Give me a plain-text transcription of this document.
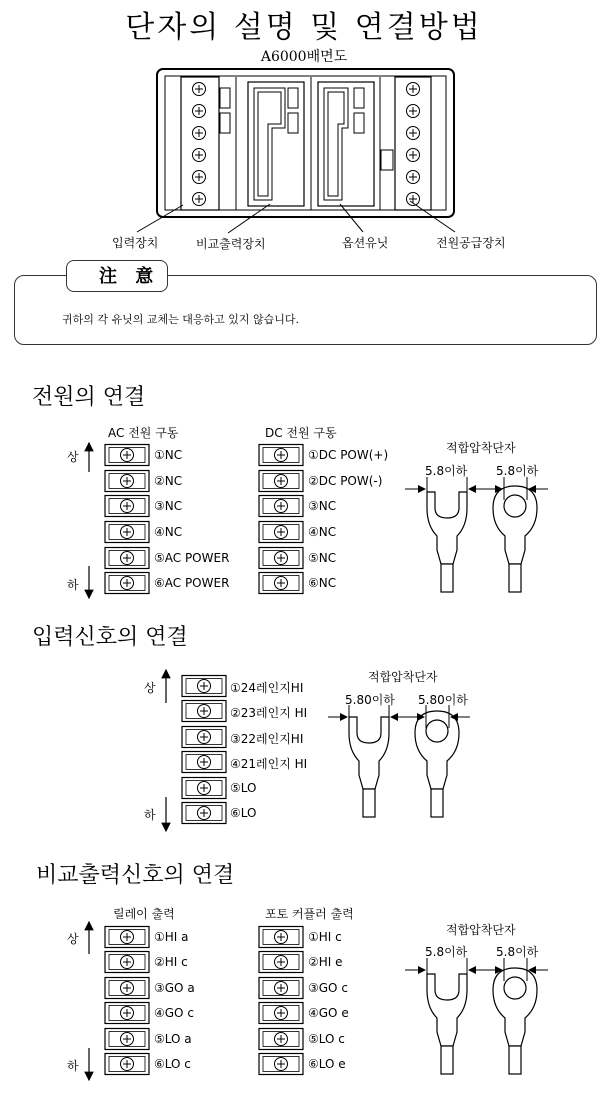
단자의 설명 및 연결방법
A6000배면도
입력장치	비교출력장치	옵션유닛	전원공급장치
注 意
귀하의 각 유닛의 교체는 대응하고 있지 않습니다.
전원의 연결
AC 전원 구동	DC 전원 구동
상
하
①NC
②NC
③NC
④NC
⑤AC POWER
⑥AC POWER
①DC POW(+)
②DC POW(-)
③NC
④NC
⑤NC
⑥NC
적합압착단자
5.8이하 5.8이하
입력신호의 연결
상
하
①24레인지HI
②23레인지 HI
③22레인지HI
④21레인지 HI
⑤LO
⑥LO
적합압착단자
5.80이하 5.80이하
비교출력신호의 연결
릴레이 출력	포토 커플러 출력
상
하
①HI a
②HI c
③GO a
④GO c
⑤LO a
⑥LO c
①HI c
②HI e
③GO c
④GO e
⑤LO c
⑥LO e
적합압착단자
5.8이하 5.8이하
